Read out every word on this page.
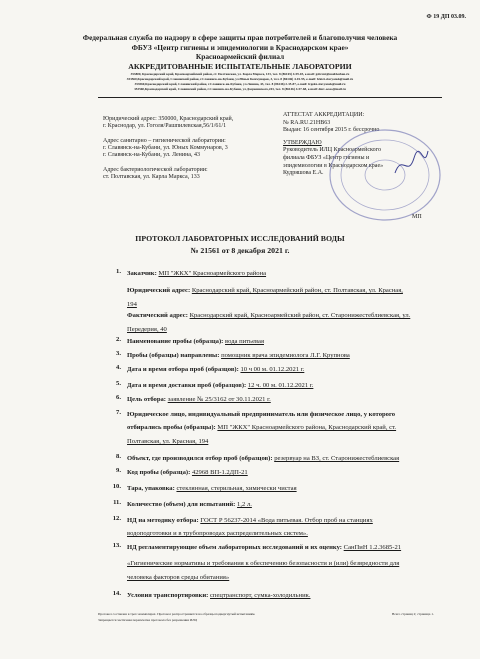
Ф 19 ДП 03.09.
Федеральная служба по надзору в сфере защиты прав потребителей и благополучия человека
ФБУЗ «Центр гигиены и эпидемиологии в Краснодарском крае»
Красноармейский филиал
АККРЕДИТОВАННЫЕ ИСПЫТАТЕЛЬНЫЕ ЛАБОРАТОРИИ
353800, Краснодарский край, Красноармейский район, ст. Полтавская, ул. Карла Маркса, 133, тел. 8 (86165) 4-59-03, e-mail: gsbrcnt@mail.kuban.ru
353560,Краснодарский край, Славянский район, г.Славянск-на-Кубани, ул.Юных Коммунаров, 3, тел. 8 (86146) 4-01-95, e-mail: fcktzt-slavyansk@mail.ru
353560,Краснодарский край, Славянский район, г.Славянск-на-Кубани, ул.Ленина, 43, тел. 8 (86146) 2-35-87, e-mail: fcgekz-slavyansk@mail.ru
353560,Краснодарский край, Славянский район, г.Славянск-на-Кубани, ул.Дзержинского,243, тел. 8 (86146) 4-57-68, e-mail: dmv-sesss@mail.ru

Юридический адрес: 350000, Краснодарский край,
г. Краснодар, ул. Гоголя/Рашпилевская,56/1/61/1

Адрес санитарно – гигиенической лаборатории:
г. Славянск-на-Кубани, ул. Юных Коммунаров, 3
г. Славянск-на-Кубани, ул. Ленина, 43

Адрес бактериологической лаборатории:
ст. Полтавская, ул. Карла Маркса, 133

АТТЕСТАТ АККРЕДИТАЦИИ:
№ RA.RU.21НВ63
Выдан: 16 сентября 2015 г. бессрочно

УТВЕРЖДАЮ
Руководитель ИЛЦ Красноармейского
филиала ФБУЗ «Центр гигиены и
эпидемиологии в Краснодарском крае»
Кудряшова Е.А.

МП
ПРОТОКОЛ ЛАБОРАТОРНЫХ ИССЛЕДОВАНИЙ ВОДЫ
№ 21561 от 8 декабря 2021 г.
1. Заказчик: МП "ЖКХ" Красноармейского района
Юридический адрес: Краснодарский край, Красноармейский район, ст. Полтавская, ул. Красная,
194
Фактический адрес: Краснодарский край, Красноармейский район, ст. Старонижестеблиевская, ул.
Передерия, 40
2. Наименование пробы (образца): вода питьевая
3. Пробы (образцы) направлены: помощник врача эпидемиолога Л.Г. Крупнова
4. Дата и время отбора проб (образцов): 10 ч 00 м. 01.12.2021 г.
5. Дата и время доставки проб (образцов): 12 ч. 00 м. 01.12.2021 г.
6. Цель отбора: заявление № 25/3162 от 30.11.2021 г.
7. Юридическое лицо, индивидуальный предприниматель или физическое лицо, у которого
отбирались пробы (образцы): МП "ЖКХ" Красноармейского района, Краснодарский край, ст.
Полтавская, ул. Красная, 194
8. Объект, где производился отбор проб (образцов): резервуар на ВЗ, ст. Старонижестеблиевская
9. Код пробы (образца): 42968 ВП-1.2ДП-21
10. Тара, упаковка: стеклянная, стерильная, химически чистая
11. Количество (объем) для испытаний: 1,2 л.
12. НД на методику отбора: ГОСТ Р 56237-2014 «Вода питьевая. Отбор проб на станциях
водоподготовки и в трубопроводах распределительных систем».
13. НД регламентирующие объем лабораторных исследований и их оценку: СанПиН 1.2.3685-21
«Гигиенические нормативы и требования к обеспечению безопасности и (или) безвредности для
человека факторов среды обитания»
14. Условия транспортировки: спецтранспорт, сумка-холодильник.
Протокол составлен в трех экземплярах. Протокол распространяется на образцы подвергнутый испытаниям.
Запрещается частичная перепечатка протокола без разрешения ИЛЦ
Всего страниц 2; страница 1.
